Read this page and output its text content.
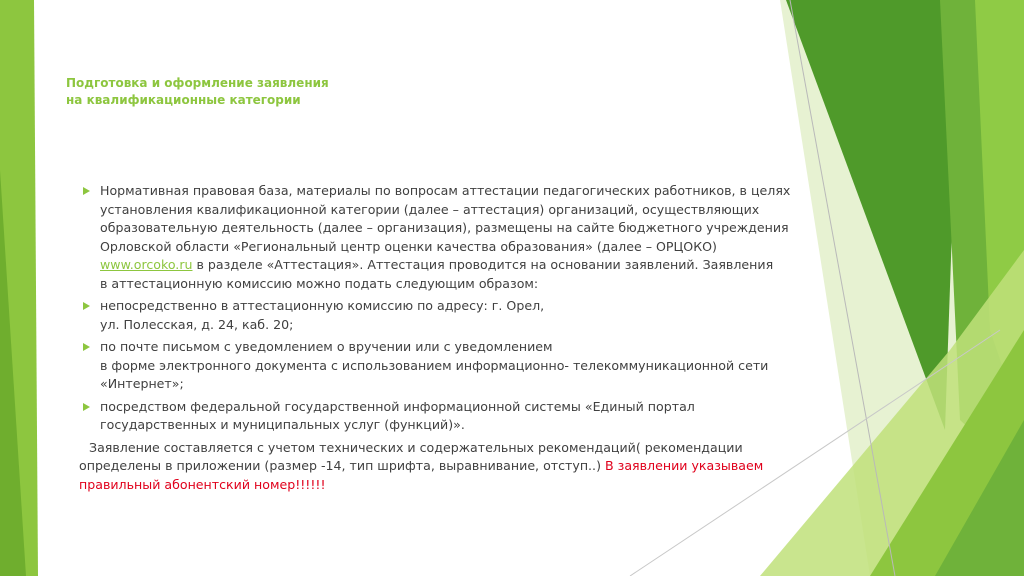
Подготовка и оформление заявления
на квалификационные категории
Нормативная правовая база, материалы по вопросам аттестации педагогических работников, в целях
установления квалификационной категории (далее – аттестация) организаций, осуществляющих
образовательную деятельность (далее – организация), размещены на сайте бюджетного учреждения
Орловской области «Региональный центр оценки качества образования» (далее – ОРЦОКО)
www.orcoko.ru в разделе «Аттестация». Аттестация проводится на основании заявлений. Заявления
в аттестационную комиссию можно подать следующим образом:
непосредственно в аттестационную комиссию по адресу: г. Орел,
ул. Полесская, д. 24, каб. 20;
по почте письмом с уведомлением о вручении или с уведомлением
в форме электронного документа с использованием информационно- телекоммуникационной сети
«Интернет»;
посредством федеральной государственной информационной системы «Единый портал
государственных и муниципальных услуг (функций)».
Заявление составляется с учетом технических и содержательных рекомендаций( рекомендации
определены в приложении (размер -14, тип шрифта, выравнивание, отступ..) В заявлении указываем
правильный абонентский номер!!!!!!
